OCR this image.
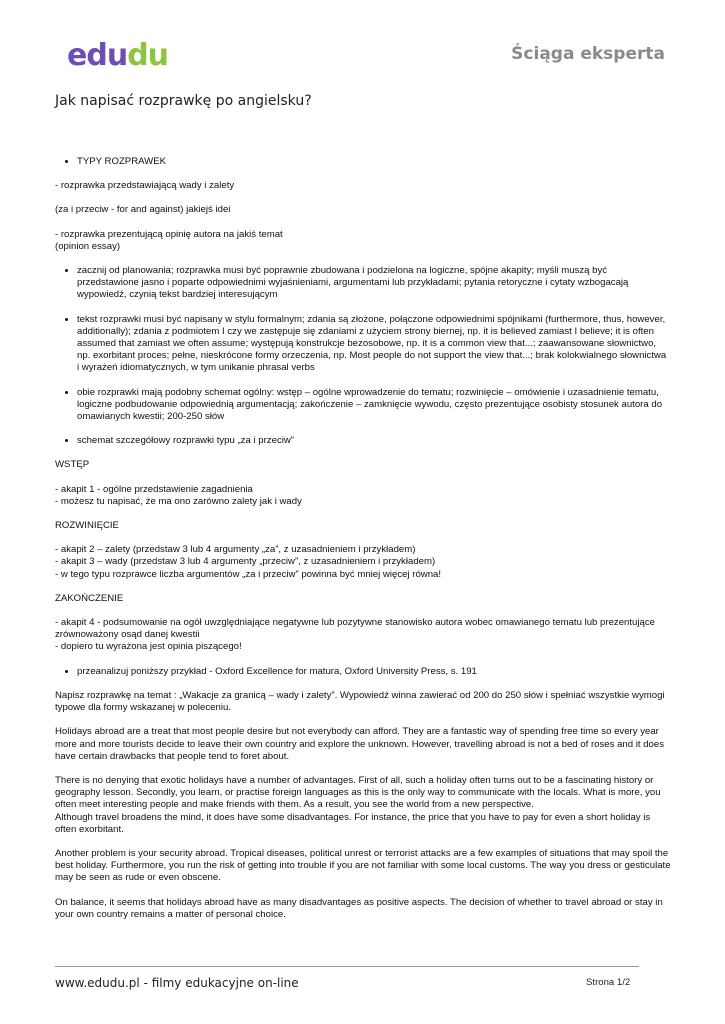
edudu	Ściąga eksperta
Jak napisać rozprawkę po angielsku?
• TYPY ROZPRAWEK

- rozprawka przedstawiającą wady i zalety

(za i przeciw - for and against) jakiejś idei

- rozprawka prezentującą opinię autora na jakiś temat
(opinion essay)

• zacznij od planowania; rozprawka musi być poprawnie zbudowana i podzielona na logiczne, spójne akapity; myśli muszą być przedstawione jasno i poparte odpowiednimi wyjaśnieniami, argumentami lub przykładami; pytania retoryczne i cytaty wzbogacają wypowiedź, czynią tekst bardziej interesującym
• tekst rozprawki musi być napisany w stylu formalnym; zdania są złożone, połączone odpowiednimi spójnikami (furthermore, thus, however, additionally); zdania z podmiotem I czy we zastępuje się zdaniami z użyciem strony biernej, np. it is believed zamiast I believe; it is often assumed that zamiast we often assume; występują konstrukcje bezosobowe, np. it is a common view that...; zaawansowane słownictwo, np. exorbitant proces; pełne, nieskrócone formy orzeczenia, np. Most people do not support the view that...; brak kolokwialnego słownictwa i wyrażeń idiomatycznych, w tym unikanie phrasal verbs
• obie rozprawki mają podobny schemat ogólny: wstęp – ogólne wprowadzenie do tematu; rozwinięcie – omówienie i uzasadnienie tematu, logiczne podbudowanie odpowiednią argumentacją; zakończenie – zamknięcie wywodu, często prezentujące osobisty stosunek autora do omawianych kwestii; 200-250 słów
• schemat szczegółowy rozprawki typu „za i przeciw”

WSTĘP

- akapit 1 - ogólne przedstawienie zagadnienia
- możesz tu napisać, że ma ono zarówno zalety jak i wady

ROZWINIĘCIE

- akapit 2 – zalety (przedstaw 3 lub 4 argumenty „za”, z uzasadnieniem i przykładem)
- akapit 3 – wady (przedstaw 3 lub 4 argumenty „przeciw”, z uzasadnieniem i przykładem)
- w tego typu rozprawce liczba argumentów „za i przeciw” powinna być mniej więcej równa!

ZAKOŃCZENIE

- akapit 4 - podsumowanie na ogół uwzględniające negatywne lub pozytywne stanowisko autora wobec omawianego tematu lub prezentujące zrównoważony osąd danej kwestii
- dopiero tu wyrażona jest opinia piszącego!

• przeanalizuj poniższy przykład - Oxford Excellence for matura, Oxford University Press, s. 191

Napisz rozprawkę na temat : „Wakacje za granicą – wady i zalety”. Wypowiedź winna zawierać od 200 do 250 słów i spełniać wszystkie wymogi typowe dla formy wskazanej w poleceniu.

Holidays abroad are a treat that most people desire but not everybody can afford. They are a fantastic way of spending free time so every year more and more tourists decide to leave their own country and explore the unknown. However, travelling abroad is not a bed of roses and it does have certain drawbacks that people tend to foret about.

There is no denying that exotic holidays have a number of advantages. First of all, such a holiday often turns out to be a fascinating history or geography lesson. Secondly, you learn, or practise foreign languages as this is the only way to communicate with the locals. What is more, you often meet interesting people and make friends with them. As a result, you see the world from a new perspective.
Although travel broadens the mind, it does have some disadvantages. For instance, the price that you have to pay for even a short holiday is often exorbitant.

Another problem is your security abroad. Tropical diseases, political unrest or terrorist attacks are a few examples of situations that may spoil the best holiday. Furthermore, you run the risk of getting into trouble if you are not familiar with some local customs. The way you dress or gesticulate may be seen as rude or even obscene.

On balance, it seems that holidays abroad have as many disadvantages as positive aspects. The decision of whether to travel abroad or stay in your own country remains a matter of personal choice.

www.edudu.pl - filmy edukacyjne on-line	Strona 1/2
